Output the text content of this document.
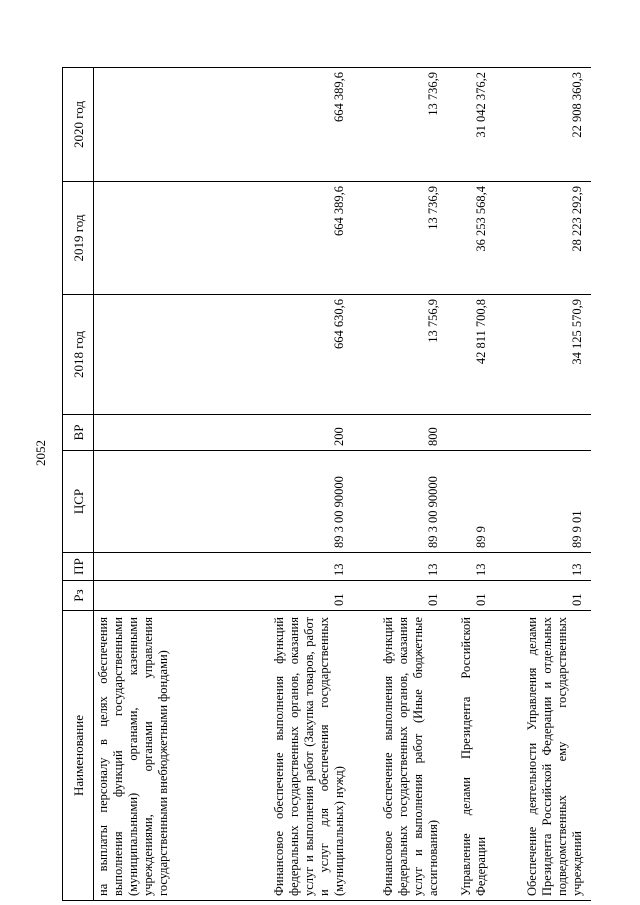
2052
Наименование	Рз	ПР	ЦСР	ВР	2018 год	2019 год	2020 год
на выплаты персоналу в целях обеспечения выполнения функций государственными (муниципальными) органами, казенными учреждениями, органами управления государственными внебюджетными фондами)							
Финансовое обеспечение выполнения функций федеральных государственных органов, оказания услуг и выполнения работ (Закупка товаров, работ и услуг для обеспечения государственных (муниципальных) нужд)	01	13	89 3 00 90000	200	664 630,6	664 389,6	664 389,6
Финансовое обеспечение выполнения функций федеральных государственных органов, оказания услуг и выполнения работ (Иные бюджетные ассигнования)	01	13	89 3 00 90000	800	13 756,9	13 736,9	13 736,9
Управление делами Президента Российской Федерации	01	13	89 9		42 811 700,8	36 253 568,4	31 042 376,2
Обеспечение деятельности Управления делами Президента Российской Федерации и отдельных подведомственных ему государственных учреждений	01	13	89 9 01		34 125 570,9	28 223 292,9	22 908 360,3
